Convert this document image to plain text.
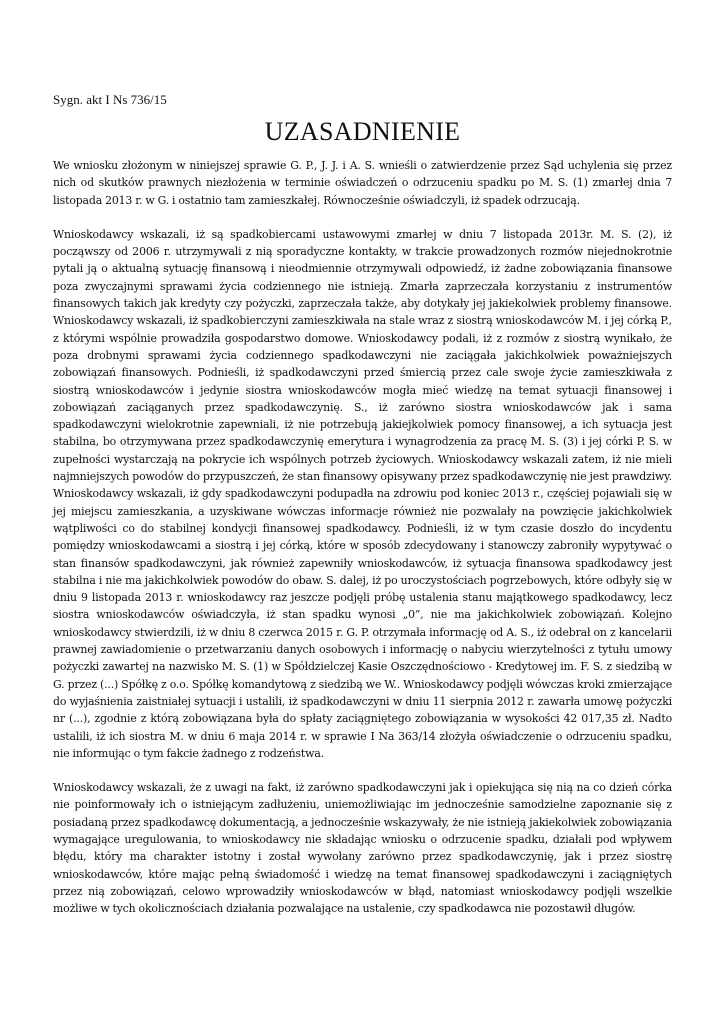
Sygn. akt I Ns 736/15

UZASADNIENIE

We wniosku złożonym w niniejszej sprawie G. P., J. J. i A. S. wnieśli o zatwierdzenie przez Sąd uchylenia się przez nich od skutków prawnych niezłożenia w terminie oświadczeń o odrzuceniu spadku po M. S. (1) zmarłej dnia 7 listopada 2013 r. w G. i ostatnio tam zamieszkałej. Równocześnie oświadczyli, iż spadek odrzucają.

Wnioskodawcy wskazali, iż są spadkobiercami ustawowymi zmarłej w dniu 7 listopada 2013r. M. S. (2), iż począwszy od 2006 r. utrzymywali z nią sporadyczne kontakty, w trakcie prowadzonych rozmów niejednokrotnie pytali ją o aktualną sytuację finansową i nieodmiennie otrzymywali odpowiedź, iż żadne zobowiązania finansowe poza zwyczajnymi sprawami życia codziennego nie istnieją. Zmarła zaprzeczała korzystaniu z instrumentów finansowych takich jak kredyty czy pożyczki, zaprzeczała także, aby dotykały jej jakiekolwiek problemy finansowe. Wnioskodawcy wskazali, iż spadkobierczyni zamieszkiwała na stale wraz z siostrą wnioskodawców M. i jej córką P., z którymi wspólnie prowadziła gospodarstwo domowe. Wnioskodawcy podali, iż z rozmów z siostrą wynikało, że poza drobnymi sprawami życia codziennego spadkodawczyni nie zaciągała jakichkolwiek poważniejszych zobowiązań finansowych. Podnieśli, iż spadkodawczyni przed śmiercią przez cale swoje życie zamieszkiwała z siostrą wnioskodawców i jedynie siostra wnioskodawców mogła mieć wiedzę na temat sytuacji finansowej i zobowiązań zaciąganych przez spadkodawczynię. S., iż zarówno siostra wnioskodawców jak i sama spadkodawczyni wielokrotnie zapewniali, iż nie potrzebują jakiejkolwiek pomocy finansowej, a ich sytuacja jest stabilna, bo otrzymywana przez spadkodawczynię emerytura i wynagrodzenia za pracę M. S. (3) i jej córki P. S. w zupełności wystarczają na pokrycie ich wspólnych potrzeb życiowych. Wnioskodawcy wskazali zatem, iż nie mieli najmniejszych powodów do przypuszczeń, że stan finansowy opisywany przez spadkodawczynię nie jest prawdziwy. Wnioskodawcy wskazali, iż gdy spadkodawczyni podupadła na zdrowiu pod koniec 2013 r., częściej pojawiali się w jej miejscu zamieszkania, a uzyskiwane wówczas informacje również nie pozwalały na powzięcie jakichkolwiek wątpliwości co do stabilnej kondycji finansowej spadkodawcy. Podnieśli, iż w tym czasie doszło do incydentu pomiędzy wnioskodawcami a siostrą i jej córką, które w sposób zdecydowany i stanowczy zabroniły wypytywać o stan finansów spadkodawczyni, jak również zapewniły wnioskodawców, iż sytuacja finansowa spadkodawcy jest stabilna i nie ma jakichkolwiek powodów do obaw. S. dalej, iż po uroczystościach pogrzebowych, które odbyły się w dniu 9 listopada 2013 r. wnioskodawcy raz jeszcze podjęli próbę ustalenia stanu majątkowego spadkodawcy, lecz siostra wnioskodawców oświadczyła, iż stan spadku wynosi „0”, nie ma jakichkolwiek zobowiązań. Kolejno wnioskodawcy stwierdzili, iż w dniu 8 czerwca 2015 r. G. P. otrzymała informację od A. S., iż odebrał on z kancelarii prawnej zawiadomienie o przetwarzaniu danych osobowych i informację o nabyciu wierzytelności z tytułu umowy pożyczki zawartej na nazwisko M. S. (1) w Spółdzielczej Kasie Oszczędnościowo - Kredytowej im. F. S. z siedzibą w G. przez (...) Spółkę z o.o. Spółkę komandytową z siedzibą we W.. Wnioskodawcy podjęli wówczas kroki zmierzające do wyjaśnienia zaistniałej sytuacji i ustalili, iż spadkodawczyni w dniu 11 sierpnia 2012 r. zawarła umowę pożyczki nr (...), zgodnie z którą zobowiązana była do spłaty zaciągniętego zobowiązania w wysokości 42 017,35 zł. Nadto ustalili, iż ich siostra M. w dniu 6 maja 2014 r. w sprawie I Na 363/14 złożyła oświadczenie o odrzuceniu spadku, nie informując o tym fakcie żadnego z rodzeństwa.

Wnioskodawcy wskazali, że z uwagi na fakt, iż zarówno spadkodawczyni jak i opiekująca się nią na co dzień córka nie poinformowały ich o istniejącym zadłużeniu, uniemożliwiając im jednocześnie samodzielne zapoznanie się z posiadaną przez spadkodawcę dokumentacją, a jednocześnie wskazywały, że nie istnieją jakiekolwiek zobowiązania wymagające uregulowania, to wnioskodawcy nie składając wniosku o odrzucenie spadku, działali pod wpływem błędu, który ma charakter istotny i został wywołany zarówno przez spadkodawczynię, jak i przez siostrę wnioskodawców, które mając pełną świadomość i wiedzę na temat finansowej spadkodawczyni i zaciągniętych przez nią zobowiązań, celowo wprowadziły wnioskodawców w błąd, natomiast wnioskodawcy podjęli wszelkie możliwe w tych okolicznościach działania pozwalające na ustalenie, czy spadkodawca nie pozostawił długów.
